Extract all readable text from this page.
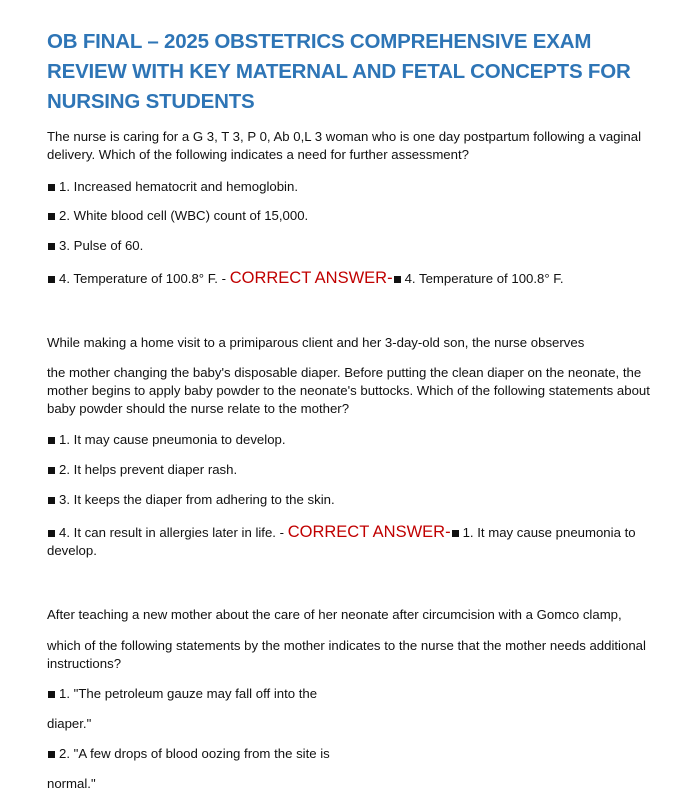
OB FINAL – 2025 OBSTETRICS COMPREHENSIVE EXAM REVIEW WITH KEY MATERNAL AND FETAL CONCEPTS FOR NURSING STUDENTS
The nurse is caring for a G 3, T 3, P 0, Ab 0,L 3 woman who is one day postpartum following a vaginal delivery. Which of the following indicates a need for further assessment?
1. Increased hematocrit and hemoglobin.
2. White blood cell (WBC) count of 15,000.
3. Pulse of 60.
4. Temperature of 100.8° F. - CORRECT ANSWER- 4. Temperature of 100.8° F.
While making a home visit to a primiparous client and her 3-day-old son, the nurse observes
the mother changing the baby's disposable diaper. Before putting the clean diaper on the neonate, the mother begins to apply baby powder to the neonate's buttocks. Which of the following statements about baby powder should the nurse relate to the mother?
1. It may cause pneumonia to develop.
2. It helps prevent diaper rash.
3. It keeps the diaper from adhering to the skin.
4. It can result in allergies later in life. - CORRECT ANSWER- 1. It may cause pneumonia to develop.
After teaching a new mother about the care of her neonate after circumcision with a Gomco clamp,
which of the following statements by the mother indicates to the nurse that the mother needs additional instructions?
1. "The petroleum gauze may fall off into the
diaper."
2. "A few drops of blood oozing from the site is
normal."
